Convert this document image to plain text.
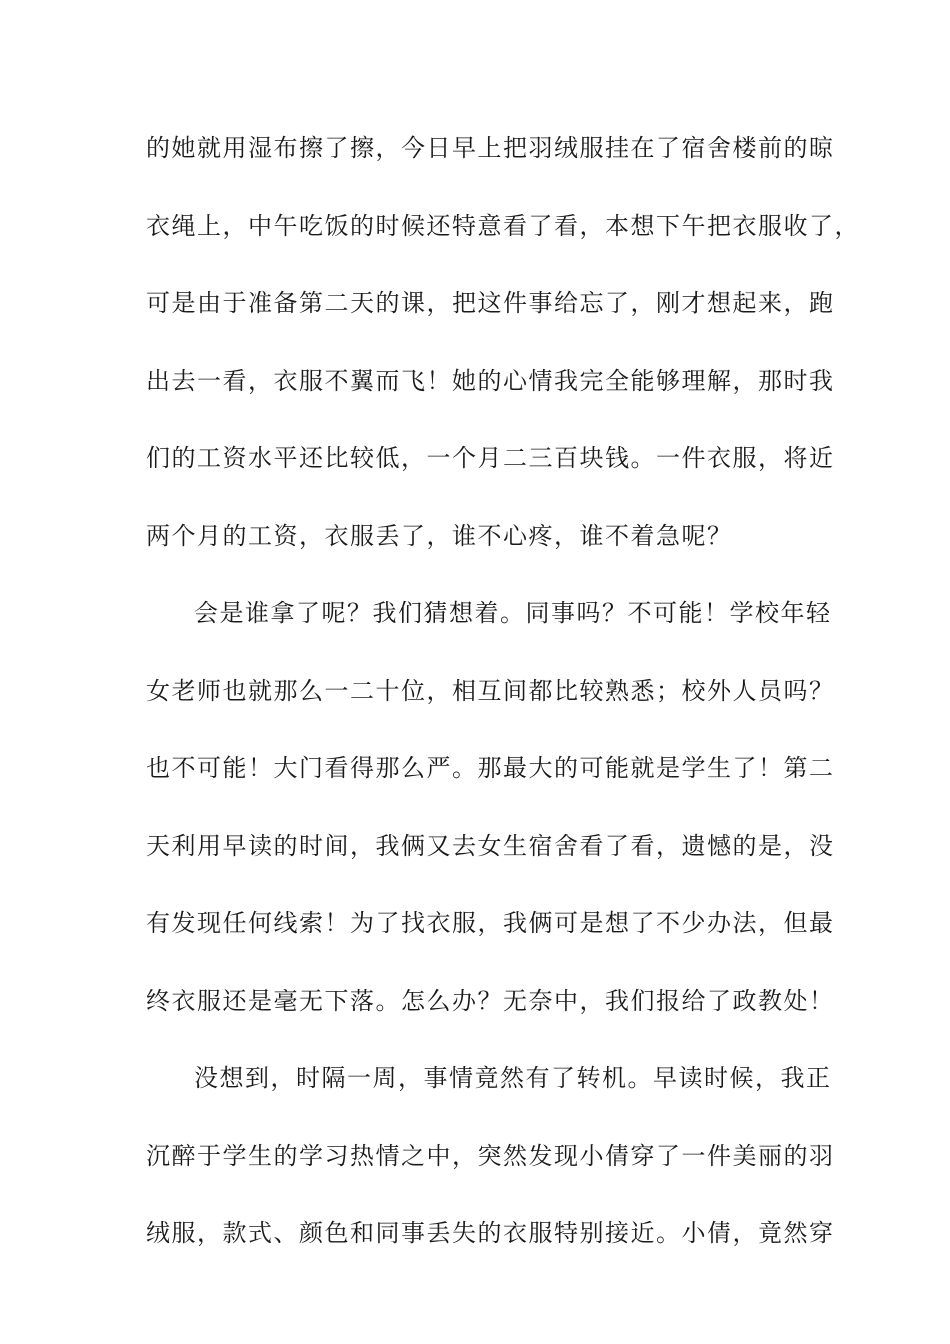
的她就用湿布擦了擦，今日早上把羽绒服挂在了宿舍楼前的晾
衣绳上，中午吃饭的时候还特意看了看，本想下午把衣服收了，
可是由于准备第二天的课，把这件事给忘了，刚才想起来，跑
出去一看，衣服不翼而飞！她的心情我完全能够理解，那时我
们的工资水平还比较低，一个月二三百块钱。一件衣服，将近
两个月的工资，衣服丢了，谁不心疼，谁不着急呢？
会是谁拿了呢？我们猜想着。同事吗？不可能！学校年轻
女老师也就那么一二十位，相互间都比较熟悉；校外人员吗？
也不可能！大门看得那么严。那最大的可能就是学生了！第二
天利用早读的时间，我俩又去女生宿舍看了看，遗憾的是，没
有发现任何线索！为了找衣服，我俩可是想了不少办法，但最
终衣服还是毫无下落。怎么办？无奈中，我们报给了政教处！
没想到，时隔一周，事情竟然有了转机。早读时候，我正
沉醉于学生的学习热情之中，突然发现小倩穿了一件美丽的羽
绒服，款式、颜色和同事丢失的衣服特别接近。小倩，竟然穿
